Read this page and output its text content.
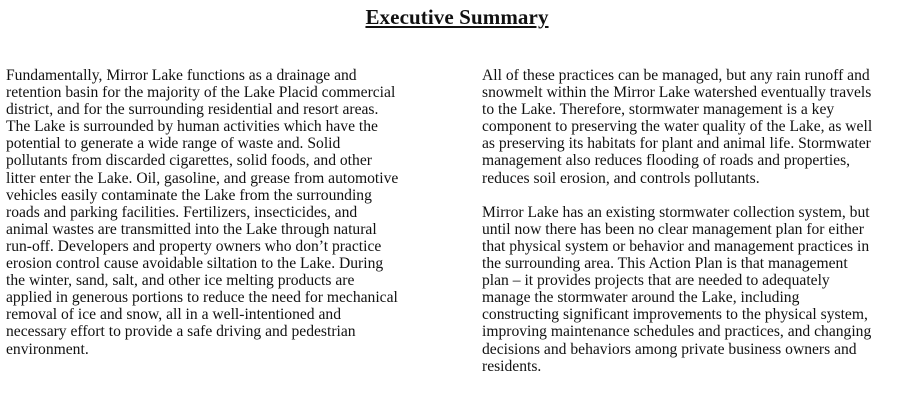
Executive Summary
Fundamentally, Mirror Lake functions as a drainage and
retention basin for the majority of the Lake Placid commercial
district, and for the surrounding residential and resort areas.
The Lake is surrounded by human activities which have the
potential to generate a wide range of waste and. Solid
pollutants from discarded cigarettes, solid foods, and other
litter enter the Lake. Oil, gasoline, and grease from automotive
vehicles easily contaminate the Lake from the surrounding
roads and parking facilities. Fertilizers, insecticides, and
animal wastes are transmitted into the Lake through natural
run-off. Developers and property owners who don’t practice
erosion control cause avoidable siltation to the Lake. During
the winter, sand, salt, and other ice melting products are
applied in generous portions to reduce the need for mechanical
removal of ice and snow, all in a well-intentioned and
necessary effort to provide a safe driving and pedestrian
environment.
All of these practices can be managed, but any rain runoff and
snowmelt within the Mirror Lake watershed eventually travels
to the Lake. Therefore, stormwater management is a key
component to preserving the water quality of the Lake, as well
as preserving its habitats for plant and animal life. Stormwater
management also reduces flooding of roads and properties,
reduces soil erosion, and controls pollutants.
Mirror Lake has an existing stormwater collection system, but
until now there has been no clear management plan for either
that physical system or behavior and management practices in
the surrounding area. This Action Plan is that management
plan – it provides projects that are needed to adequately
manage the stormwater around the Lake, including
constructing significant improvements to the physical system,
improving maintenance schedules and practices, and changing
decisions and behaviors among private business owners and
residents.
